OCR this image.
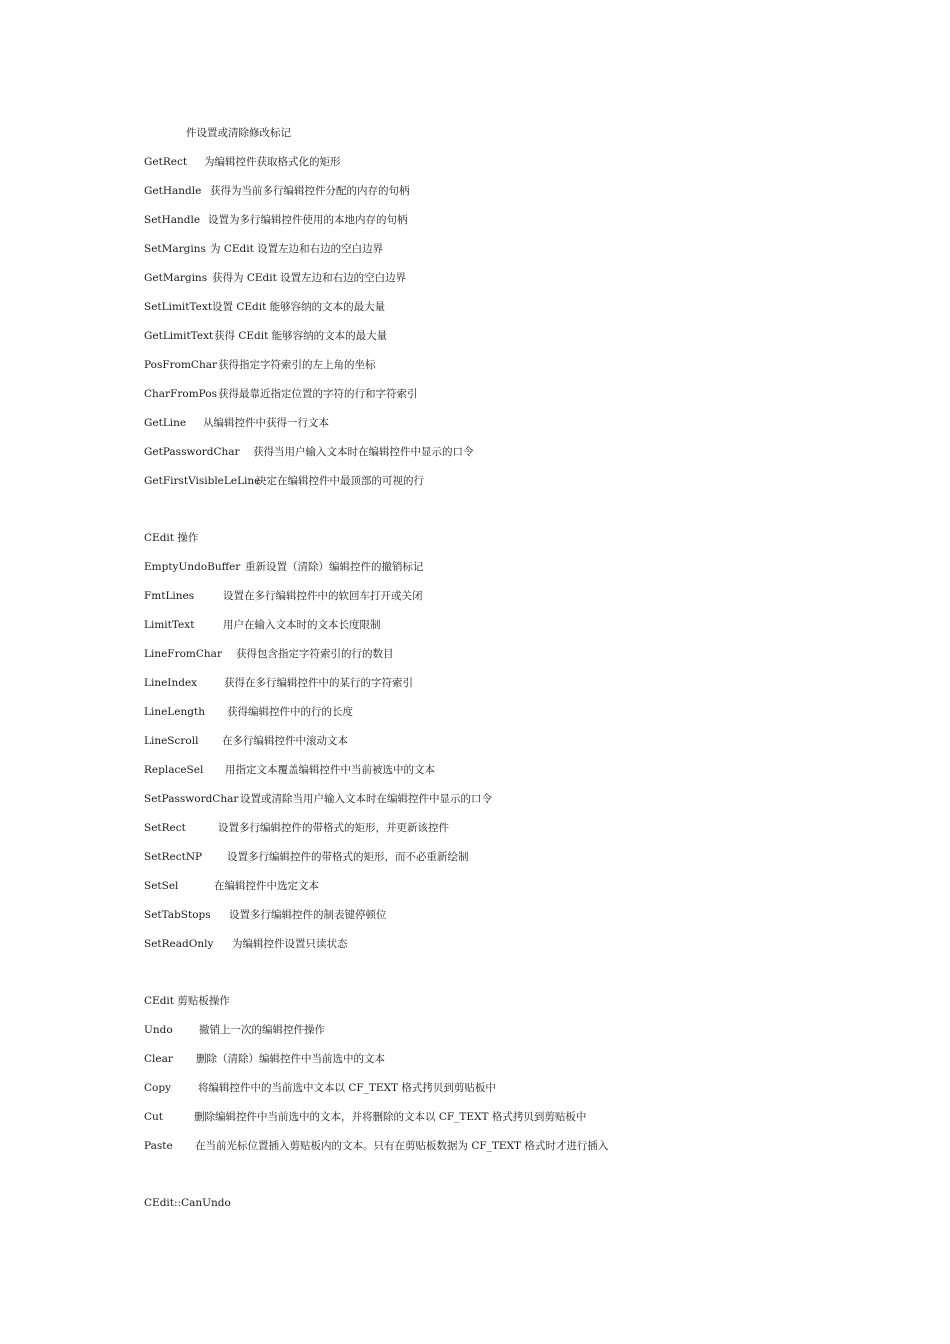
件设置或清除修改标记
GetRect 为编辑控件获取格式化的矩形
GetHandle 获得为当前多行编辑控件分配的内存的句柄
SetHandle 设置为多行编辑控件使用的本地内存的句柄
SetMargins 为 CEdit 设置左边和右边的空白边界
GetMargins 获得为 CEdit 设置左边和右边的空白边界
SetLimitText设置 CEdit 能够容纳的文本的最大量
GetLimitText获得 CEdit 能够容纳的文本的最大量
PosFromChar获得指定字符索引的左上角的坐标
CharFromPos获得最靠近指定位置的字符的行和字符索引
GetLine 从编辑控件中获得一行文本
GetPasswordChar 获得当用户输入文本时在编辑控件中显示的口令
GetFirstVisibleLeLine决定在编辑控件中最顶部的可视的行
CEdit 操作
EmptyUndoBuffer 重新设置（清除）编辑控件的撤销标记
FmtLines	设置在多行编辑控件中的软回车打开或关闭
LimitText	用户在输入文本时的文本长度限制
LineFromChar 获得包含指定字符索引的行的数目
LineIndex	获得在多行编辑控件中的某行的字符索引
LineLength 获得编辑控件中的行的长度
LineScroll 在多行编辑控件中滚动文本
ReplaceSel 用指定文本覆盖编辑控件中当前被选中的文本
SetPasswordChar 设置或清除当用户输入文本时在编辑控件中显示的口令
SetRect	设置多行编辑控件的带格式的矩形，并更新该控件
SetRectNP 设置多行编辑控件的带格式的矩形，而不必重新绘制
SetSel	在编辑控件中选定文本
SetTabStops 设置多行编辑控件的制表键停顿位
SetReadOnly 为编辑控件设置只读状态
CEdit 剪贴板操作
Undo	撤销上一次的编辑控件操作
Clear 删除（清除）编辑控件中当前选中的文本
Copy	将编辑控件中的当前选中文本以 CF_TEXT 格式拷贝到剪贴板中
Cut	删除编辑控件中当前选中的文本，并将删除的文本以 CF_TEXT 格式拷贝到剪贴板中
Paste 在当前光标位置插入剪贴板内的文本。只有在剪贴板数据为 CF_TEXT 格式时才进行插入
CEdit::CanUndo
